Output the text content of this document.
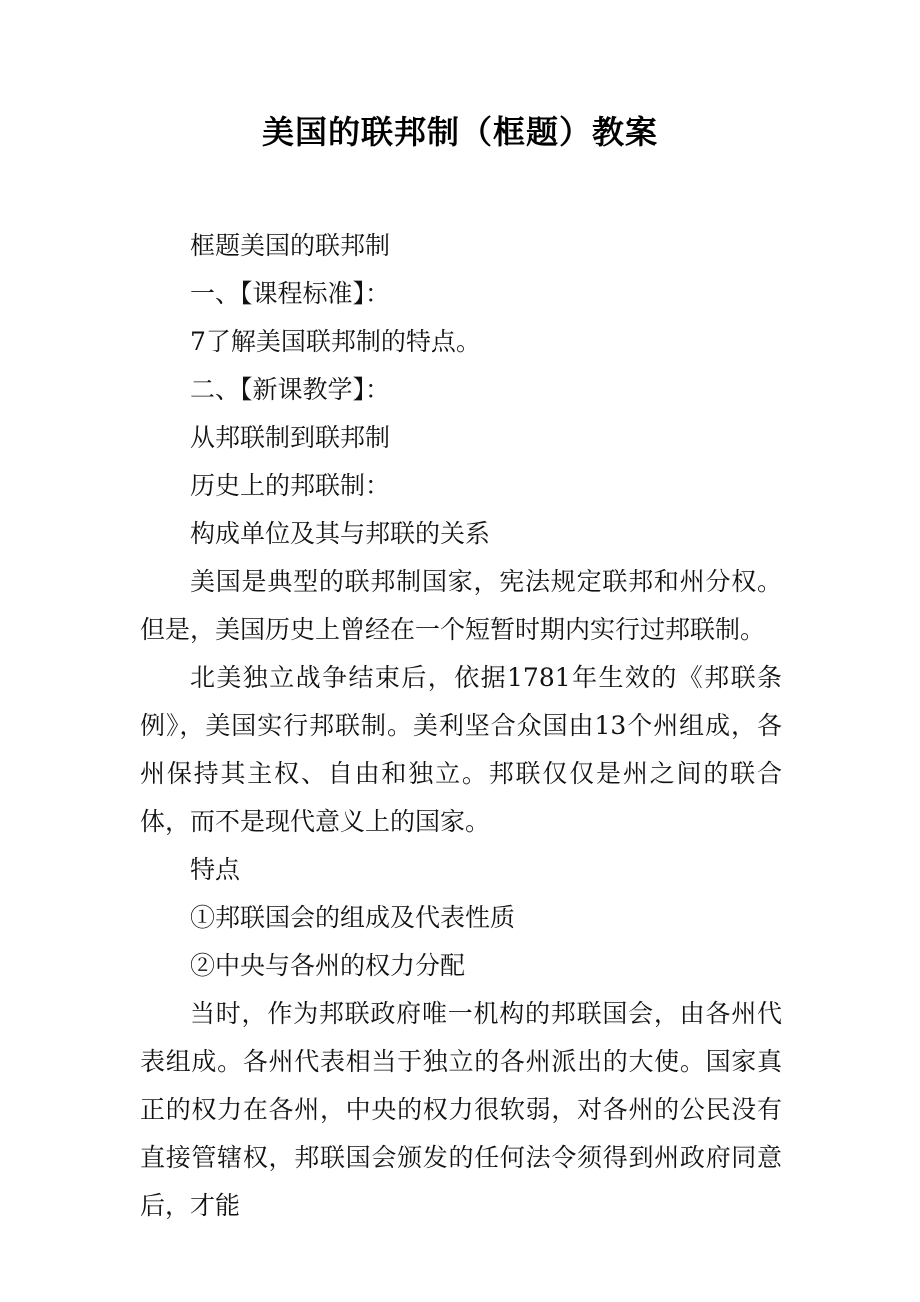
美国的联邦制（框题）教案

框题美国的联邦制

一、【课程标准】：

7了解美国联邦制的特点。

二、【新课教学】：

从邦联制到联邦制

历史上的邦联制：

构成单位及其与邦联的关系

美国是典型的联邦制国家，宪法规定联邦和州分权。但是，美国历史上曾经在一个短暂时期内实行过邦联制。

北美独立战争结束后，依据1781年生效的《邦联条例》，美国实行邦联制。美利坚合众国由13个州组成，各州保持其主权、自由和独立。邦联仅仅是州之间的联合体，而不是现代意义上的国家。

特点

①邦联国会的组成及代表性质

②中央与各州的权力分配

当时，作为邦联政府唯一机构的邦联国会，由各州代表组成。各州代表相当于独立的各州派出的大使。国家真正的权力在各州，中央的权力很软弱，对各州的公民没有直接管辖权，邦联国会颁发的任何法令须得到州政府同意后，才能
